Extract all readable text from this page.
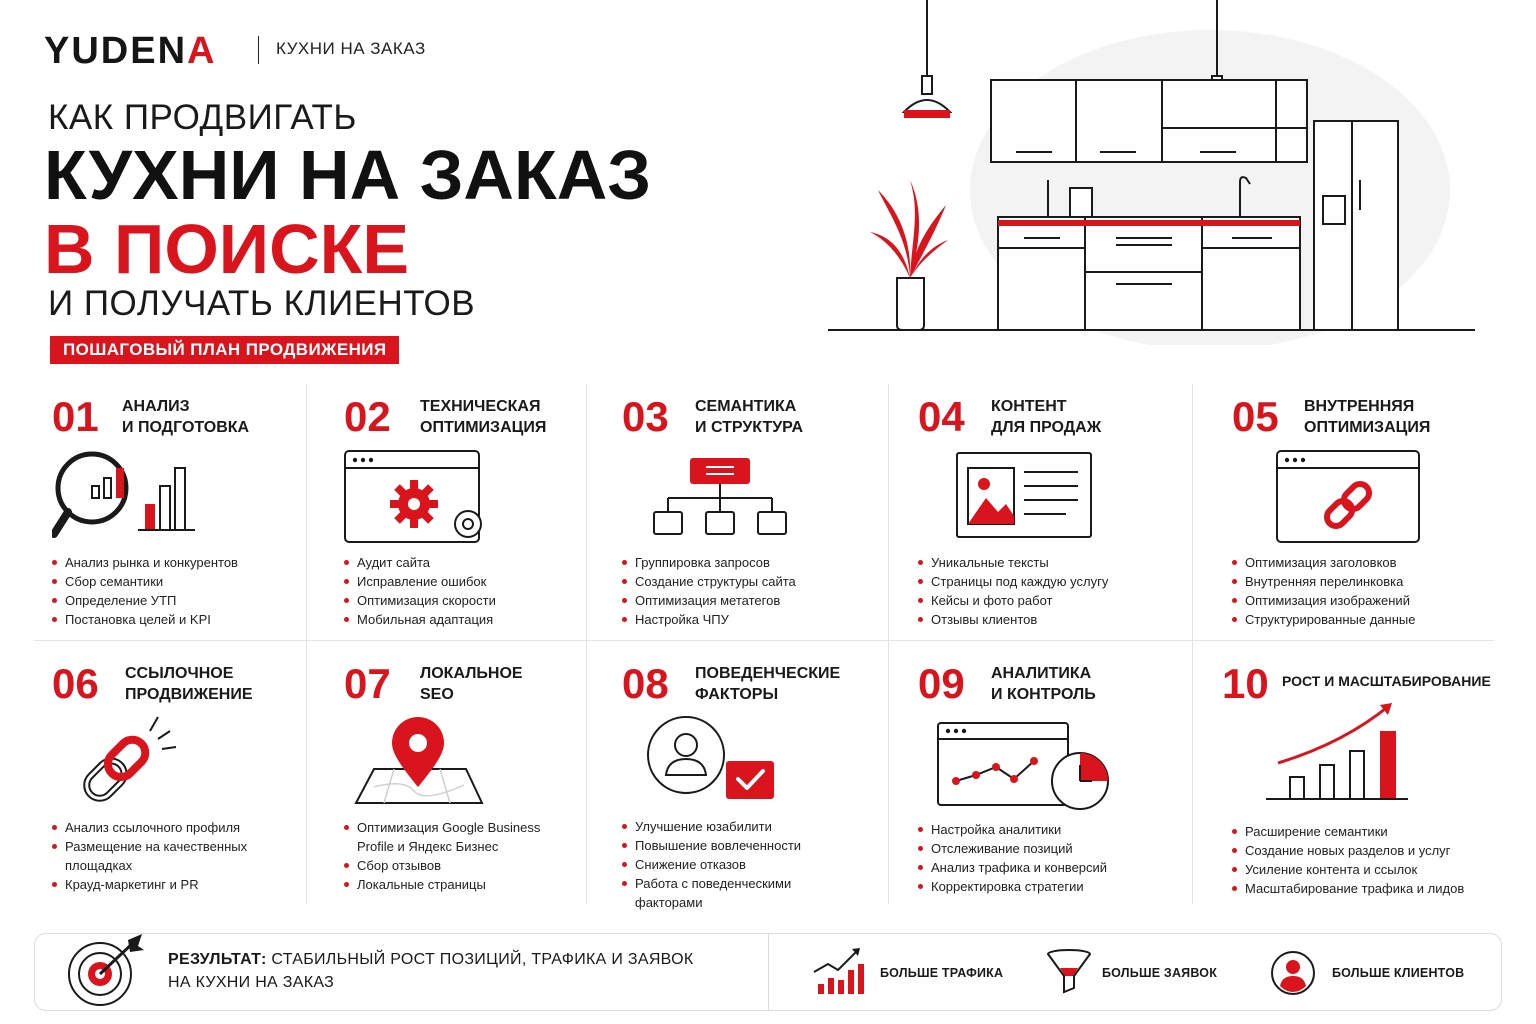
YUDENA	КУХНИ НА ЗАКАЗ
КАК ПРОДВИГАТЬ
КУХНИ НА ЗАКАЗ
В ПОИСКЕ
И ПОЛУЧАТЬ КЛИЕНТОВ
ПОШАГОВЫЙ ПЛАН ПРОДВИЖЕНИЯ
01 АНАЛИЗ
И ПОДГОТОВКА
Анализ рынка и конкурентов
Сбор семантики
Определение УТП
Постановка целей и KPI
02 ТЕХНИЧЕСКАЯ
ОПТИМИЗАЦИЯ
Аудит сайта
Исправление ошибок
Оптимизация скорости
Мобильная адаптация
03 СЕМАНТИКА
И СТРУКТУРА
Группировка запросов
Создание структуры сайта
Оптимизация метатегов
Настройка ЧПУ
04 КОНТЕНТ
ДЛЯ ПРОДАЖ
Уникальные тексты
Страницы под каждую услугу
Кейсы и фото работ
Отзывы клиентов
05 ВНУТРЕННЯЯ
ОПТИМИЗАЦИЯ
Оптимизация заголовков
Внутренняя перелинковка
Оптимизация изображений
Структурированные данные
06 ССЫЛОЧНОЕ
ПРОДВИЖЕНИЕ
Анализ ссылочного профиля
Размещение на качественных площадках
Крауд-маркетинг и PR
07 ЛОКАЛЬНОЕ
SEO
Оптимизация Google Business Profile и Яндекс Бизнес
Сбор отзывов
Локальные страницы
08 ПОВЕДЕНЧЕСКИЕ
ФАКТОРЫ
Улучшение юзабилити
Повышение вовлеченности
Снижение отказов
Работа с поведенческими факторами
09 АНАЛИТИКА
И КОНТРОЛЬ
Настройка аналитики
Отслеживание позиций
Анализ трафика и конверсий
Корректировка стратегии
10 РОСТ И МАСШТАБИРОВАНИЕ
Расширение семантики
Создание новых разделов и услуг
Усиление контента и ссылок
Масштабирование трафика и лидов
РЕЗУЛЬТАТ: СТАБИЛЬНЫЙ РОСТ ПОЗИЦИЙ, ТРАФИКА И ЗАЯВОК
НА КУХНИ НА ЗАКАЗ
БОЛЬШЕ ТРАФИКА	БОЛЬШЕ ЗАЯВОК	БОЛЬШЕ КЛИЕНТОВ
